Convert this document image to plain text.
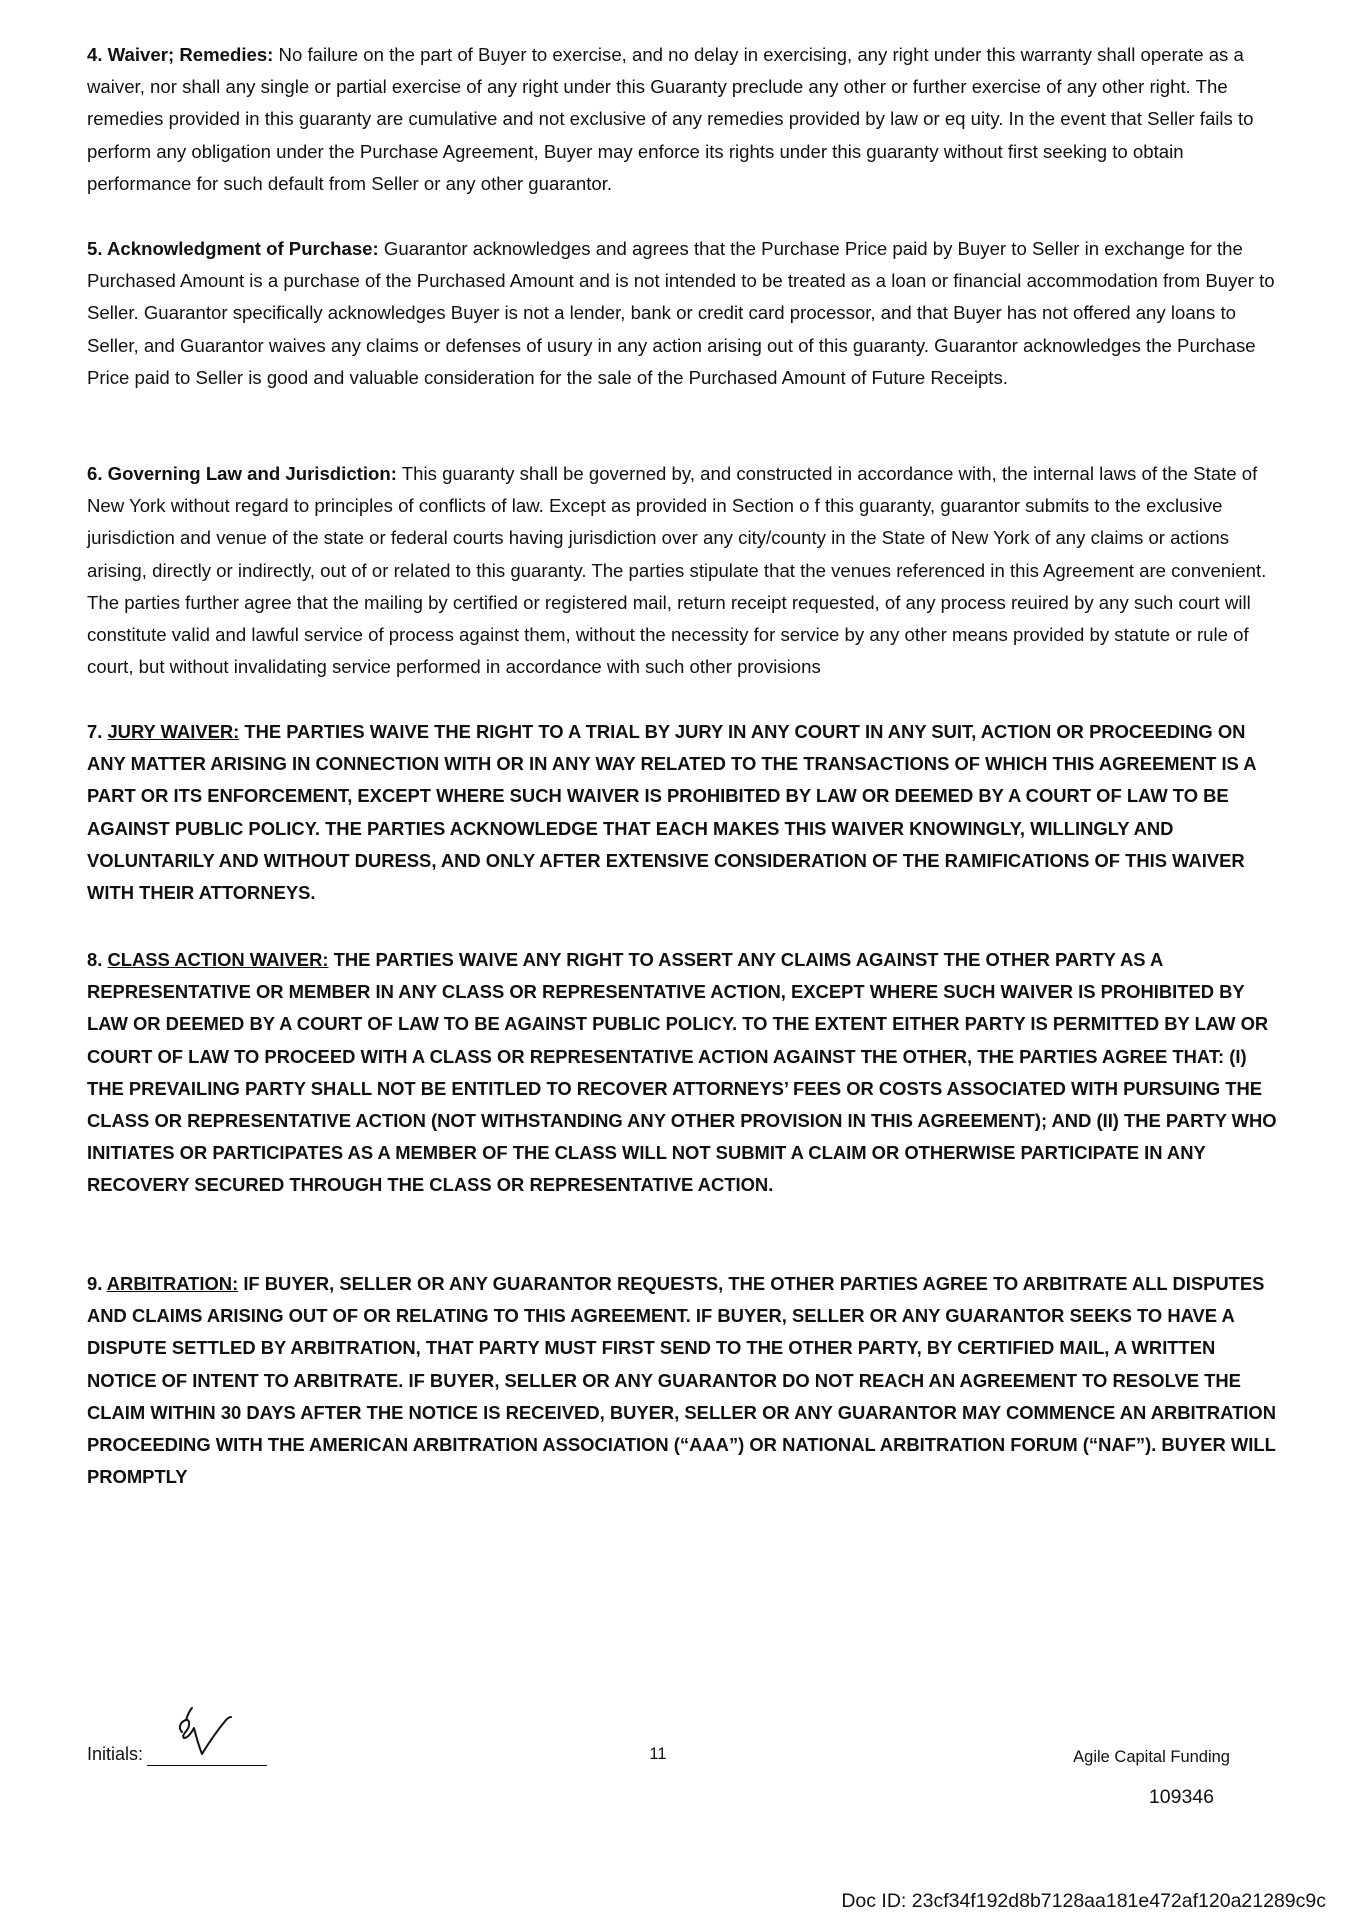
4. Waiver; Remedies: No failure on the part of Buyer to exercise, and no delay in exercising, any right under this warranty shall operate as a waiver, nor shall any single or partial exercise of any right under this Guaranty preclude any other or further exercise of any other right. The remedies provided in this guaranty are cumulative and not exclusive of any remedies provided by law or eq uity. In the event that Seller fails to perform any obligation under the Purchase Agreement, Buyer may enforce its rights under this guaranty without first seeking to obtain performance for such default from Seller or any other guarantor.

5. Acknowledgment of Purchase: Guarantor acknowledges and agrees that the Purchase Price paid by Buyer to Seller in exchange for the Purchased Amount is a purchase of the Purchased Amount and is not intended to be treated as a loan or financial accommodation from Buyer to Seller. Guarantor specifically acknowledges Buyer is not a lender, bank or credit card processor, and that Buyer has not offered any loans to Seller, and Guarantor waives any claims or defenses of usury in any action arising out of this guaranty. Guarantor acknowledges the Purchase Price paid to Seller is good and valuable consideration for the sale of the Purchased Amount of Future Receipts.

6. Governing Law and Jurisdiction: This guaranty shall be governed by, and constructed in accordance with, the internal laws of the State of New York without regard to principles of conflicts of law. Except as provided in Section o f this guaranty, guarantor submits to the exclusive jurisdiction and venue of the state or federal courts having jurisdiction over any city/county in the State of New York of any claims or actions arising, directly or indirectly, out of or related to this guaranty. The parties stipulate that the venues referenced in this Agreement are convenient. The parties further agree that the mailing by certified or registered mail, return receipt requested, of any process reuired by any such court will constitute valid and lawful service of process against them, without the necessity for service by any other means provided by statute or rule of court, but without invalidating service performed in accordance with such other provisions

7. JURY WAIVER: THE PARTIES WAIVE THE RIGHT TO A TRIAL BY JURY IN ANY COURT IN ANY SUIT, ACTION OR PROCEEDING ON ANY MATTER ARISING IN CONNECTION WITH OR IN ANY WAY RELATED TO THE TRANSACTIONS OF WHICH THIS AGREEMENT IS A PART OR ITS ENFORCEMENT, EXCEPT WHERE SUCH WAIVER IS PROHIBITED BY LAW OR DEEMED BY A COURT OF LAW TO BE AGAINST PUBLIC POLICY. THE PARTIES ACKNOWLEDGE THAT EACH MAKES THIS WAIVER KNOWINGLY, WILLINGLY AND VOLUNTARILY AND WITHOUT DURESS, AND ONLY AFTER EXTENSIVE CONSIDERATION OF THE RAMIFICATIONS OF THIS WAIVER WITH THEIR ATTORNEYS.

8. CLASS ACTION WAIVER: THE PARTIES WAIVE ANY RIGHT TO ASSERT ANY CLAIMS AGAINST THE OTHER PARTY AS A REPRESENTATIVE OR MEMBER IN ANY CLASS OR REPRESENTATIVE ACTION, EXCEPT WHERE SUCH WAIVER IS PROHIBITED BY LAW OR DEEMED BY A COURT OF LAW TO BE AGAINST PUBLIC POLICY. TO THE EXTENT EITHER PARTY IS PERMITTED BY LAW OR COURT OF LAW TO PROCEED WITH A CLASS OR REPRESENTATIVE ACTION AGAINST THE OTHER, THE PARTIES AGREE THAT: (I) THE PREVAILING PARTY SHALL NOT BE ENTITLED TO RECOVER ATTORNEYS’ FEES OR COSTS ASSOCIATED WITH PURSUING THE CLASS OR REPRESENTATIVE ACTION (NOT WITHSTANDING ANY OTHER PROVISION IN THIS AGREEMENT); AND (II) THE PARTY WHO INITIATES OR PARTICIPATES AS A MEMBER OF THE CLASS WILL NOT SUBMIT A CLAIM OR OTHERWISE PARTICIPATE IN ANY RECOVERY SECURED THROUGH THE CLASS OR REPRESENTATIVE ACTION.

9. ARBITRATION: IF BUYER, SELLER OR ANY GUARANTOR REQUESTS, THE OTHER PARTIES AGREE TO ARBITRATE ALL DISPUTES AND CLAIMS ARISING OUT OF OR RELATING TO THIS AGREEMENT. IF BUYER, SELLER OR ANY GUARANTOR SEEKS TO HAVE A DISPUTE SETTLED BY ARBITRATION, THAT PARTY MUST FIRST SEND TO THE OTHER PARTY, BY CERTIFIED MAIL, A WRITTEN NOTICE OF INTENT TO ARBITRATE. IF BUYER, SELLER OR ANY GUARANTOR DO NOT REACH AN AGREEMENT TO RESOLVE THE CLAIM WITHIN 30 DAYS AFTER THE NOTICE IS RECEIVED, BUYER, SELLER OR ANY GUARANTOR MAY COMMENCE AN ARBITRATION PROCEEDING WITH THE AMERICAN ARBITRATION ASSOCIATION (“AAA”) OR NATIONAL ARBITRATION FORUM (“NAF”). BUYER WILL PROMPTLY

Initials:	11	Agile Capital Funding
109346
Doc ID: 23cf34f192d8b7128aa181e472af120a21289c9c
